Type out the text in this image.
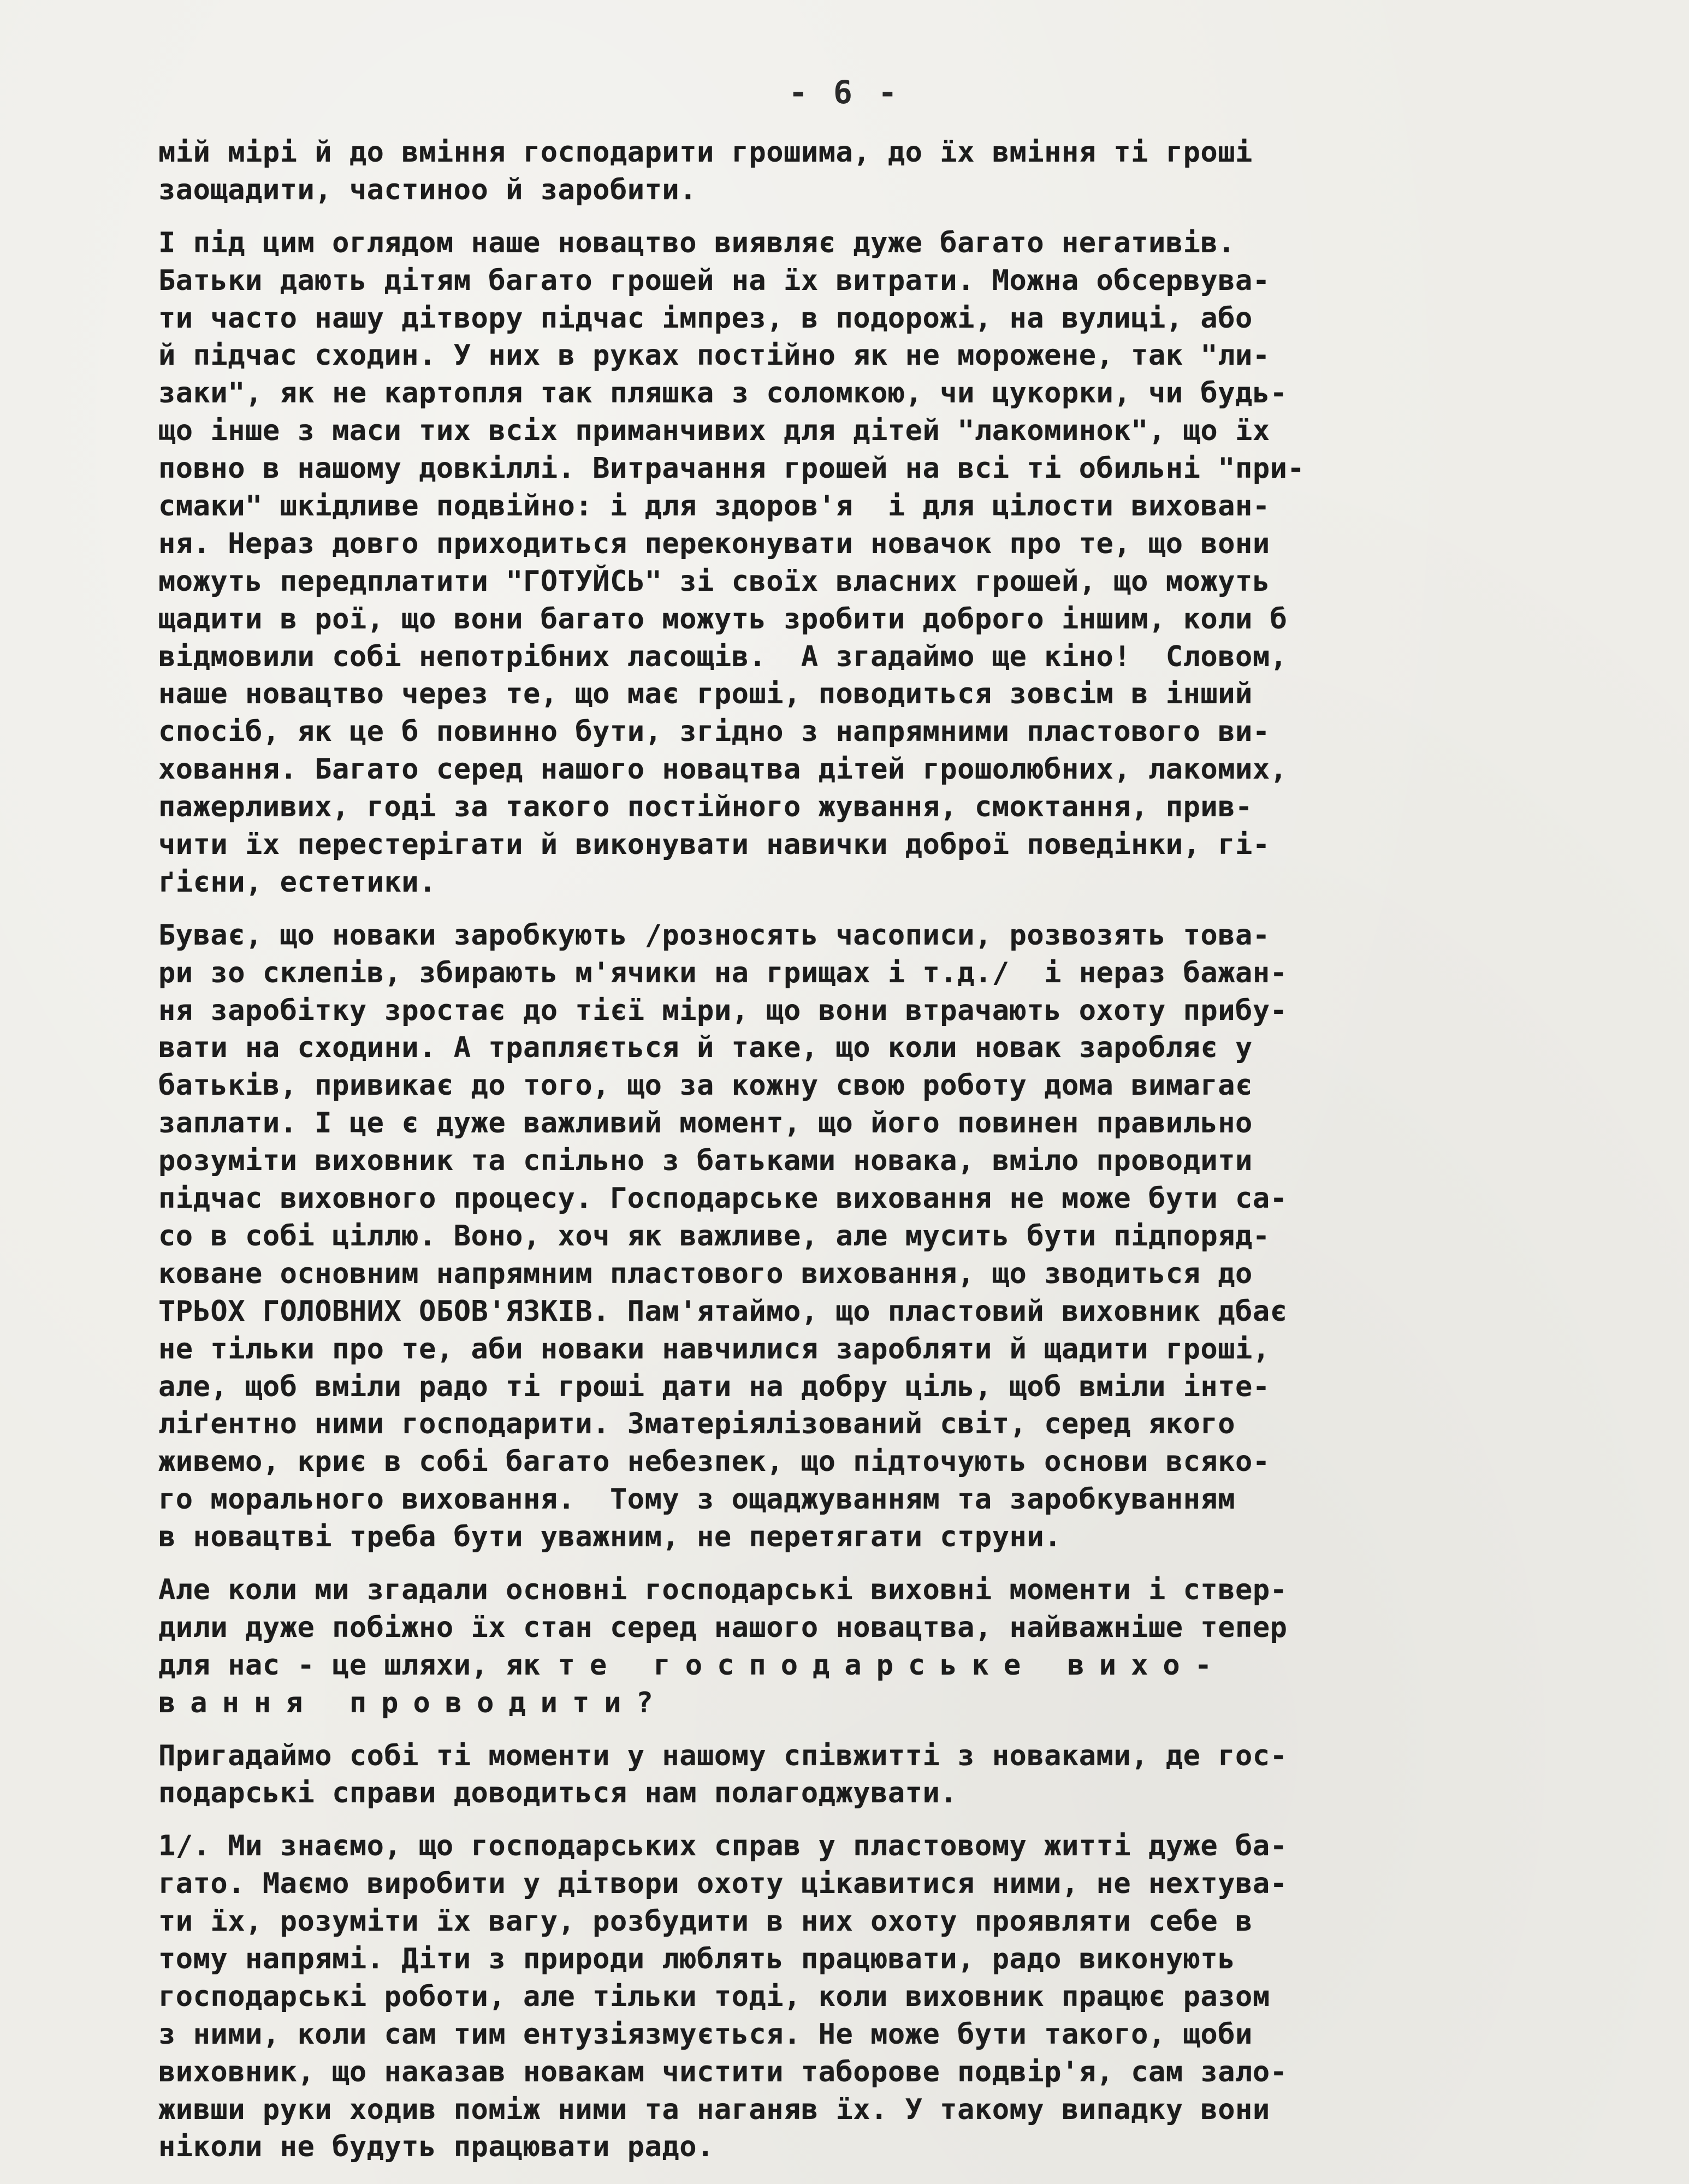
- 6 -
мій мірі й до вміння господарити грошима, до їх вміння ті гроші
заощадити, частиноо й заробити.
І під цим оглядом наше новацтво виявляє дуже багато негативів.
Батьки дають дітям багато грошей на їх витрати. Можна обсервува-
ти часто нашу дітвору підчас імпрез, в подорожі, на вулиці, або
й підчас сходин. У них в руках постійно як не морожене, так "ли-
заки", як не картопля так пляшка з соломкою, чи цукорки, чи будь-
що інше з маси тих всіх приманчивих для дітей "лакоминок", що їх
повно в нашому довкіллі. Витрачання грошей на всі ті обильні "при-
смаки" шкідливе подвійно: і для здоров'я  і для цілости вихован-
ня. Нераз довго приходиться переконувати новачок про те, що вони
можуть передплатити "ГОТУЙСЬ" зі своїх власних грошей, що можуть
щадити в рої, що вони багато можуть зробити доброго іншим, коли б
відмовили собі непотрібних ласощів.  А згадаймо ще кіно!  Словом,
наше новацтво через те, що має гроші, поводиться зовсім в інший
спосіб, як це б повинно бути, згідно з напрямними пластового ви-
ховання. Багато серед нашого новацтва дітей грошолюбних, лакомих,
пажерливих, годі за такого постійного жування, смоктання, прив-
чити їх перестерігати й виконувати навички доброї поведінки, гі-
ґієни, естетики.
Буває, що новаки заробкують /розносять часописи, розвозять това-
ри зо склепів, збирають м'ячики на грищах і т.д./  і нераз бажан-
ня заробітку зростає до тієї міри, що вони втрачають охоту прибу-
вати на сходини. А трапляється й таке, що коли новак заробляє у
батьків, привикає до того, що за кожну свою роботу дома вимагає
заплати. І це є дуже важливий момент, що його повинен правильно
розуміти виховник та спільно з батьками новака, вміло проводити
підчас виховного процесу. Господарське виховання не може бути са-
со в собі ціллю. Воно, хоч як важливе, але мусить бути підпоряд-
коване основним напрямним пластового виховання, що зводиться до
ТРЬОХ ГОЛОВНИХ ОБОВ'ЯЗКІВ. Пам'ятаймо, що пластовий виховник дбає
не тільки про те, аби новаки навчилися заробляти й щадити гроші,
але, щоб вміли радо ті гроші дати на добру ціль, щоб вміли інте-
ліґентно ними господарити. Зматеріялізований світ, серед якого
живемо, криє в собі багато небезпек, що підточують основи всяко-
го морального виховання.  Тому з ощаджуванням та заробкуванням
в новацтві треба бути уважним, не перетягати струни.
Але коли ми згадали основні господарські виховні моменти і ствер-
дили дуже побіжно їх стан серед нашого новацтва, найважніше тепер
для нас - це шляхи, як те господарське вихо-
вання проводити?
Пригадаймо собі ті моменти у нашому співжитті з новаками, де гос-
подарські справи доводиться нам полагоджувати.
1/. Ми знаємо, що господарських справ у пластовому житті дуже ба-
гато. Маємо виробити у дітвори охоту цікавитися ними, не нехтува-
ти їх, розуміти їх вагу, розбудити в них охоту проявляти себе в
тому напрямі. Діти з природи люблять працювати, радо виконують
господарські роботи, але тільки тоді, коли виховник працює разом
з ними, коли сам тим ентузіязмується. Не може бути такого, щоби
виховник, що наказав новакам чистити таборове подвір'я, сам зало-
живши руки ходив поміж ними та наганяв їх. У такому випадку вони
ніколи не будуть працювати радо.
